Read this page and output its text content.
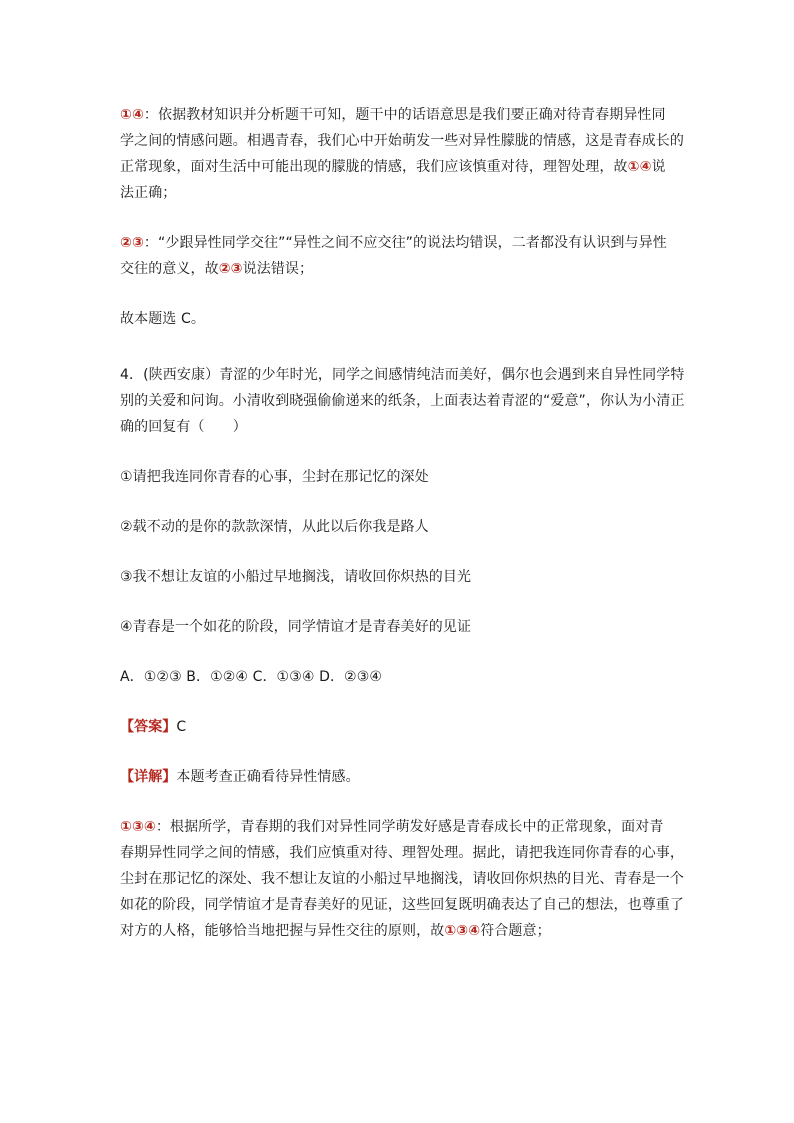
①④：依据教材知识并分析题干可知，题干中的话语意思是我们要正确对待青春期异性同
学之间的情感问题。相遇青春，我们心中开始萌发一些对异性朦胧的情感，这是青春成长的
正常现象，面对生活中可能出现的朦胧的情感，我们应该慎重对待，理智处理，故①④说
法正确；
②③：“少跟异性同学交往”“异性之间不应交往”的说法均错误，二者都没有认识到与异性
交往的意义，故②③说法错误；
故本题选 C。
4．(陕西安康）青涩的少年时光，同学之间感情纯洁而美好，偶尔也会遇到来自异性同学特
别的关爱和问询。小清收到晓强偷偷递来的纸条，上面表达着青涩的“爱意”，你认为小清正
确的回复有（　　）
①请把我连同你青春的心事，尘封在那记忆的深处
②载不动的是你的款款深情，从此以后你我是路人
③我不想让友谊的小船过早地搁浅，请收回你炽热的目光
④青春是一个如花的阶段，同学情谊才是青春美好的见证
A．①②③ B．①②④ C．①③④ D．②③④
【答案】C
【详解】本题考查正确看待异性情感。
①③④：根据所学，青春期的我们对异性同学萌发好感是青春成长中的正常现象，面对青
春期异性同学之间的情感，我们应慎重对待、理智处理。据此，请把我连同你青春的心事，
尘封在那记忆的深处、我不想让友谊的小船过早地搁浅，请收回你炽热的目光、青春是一个
如花的阶段，同学情谊才是青春美好的见证，这些回复既明确表达了自己的想法，也尊重了
对方的人格，能够恰当地把握与异性交往的原则，故①③④符合题意；
